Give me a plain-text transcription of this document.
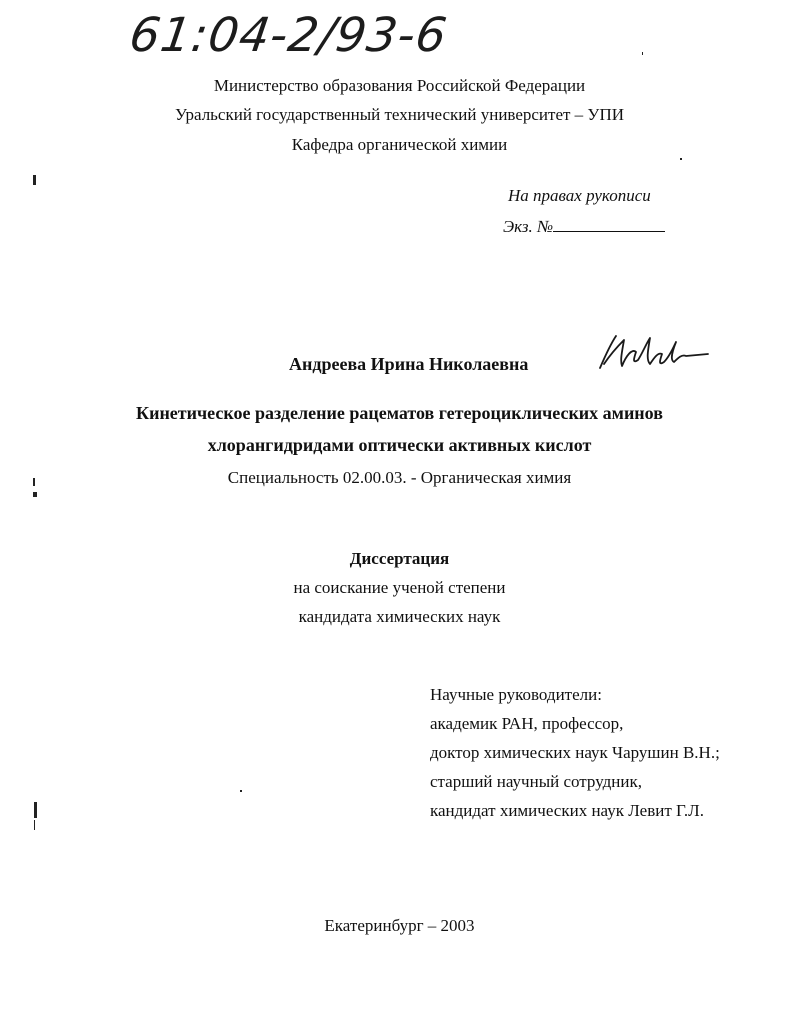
61:04-2/93-6
Министерство образования Российской Федерации
Уральский государственный технический университет – УПИ
Кафедра органической химии
На правах рукописи
Экз. №
Андреева Ирина Николаевна
Кинетическое разделение рацематов гетероциклических аминов
хлорангидридами оптически активных кислот
Специальность 02.00.03. - Органическая химия
Диссертация
на соискание ученой степени
кандидата химических наук
Научные руководители:
академик РАН, профессор,
доктор химических наук Чарушин В.Н.;
старший научный сотрудник,
кандидат химических наук Левит Г.Л.
Екатеринбург – 2003
